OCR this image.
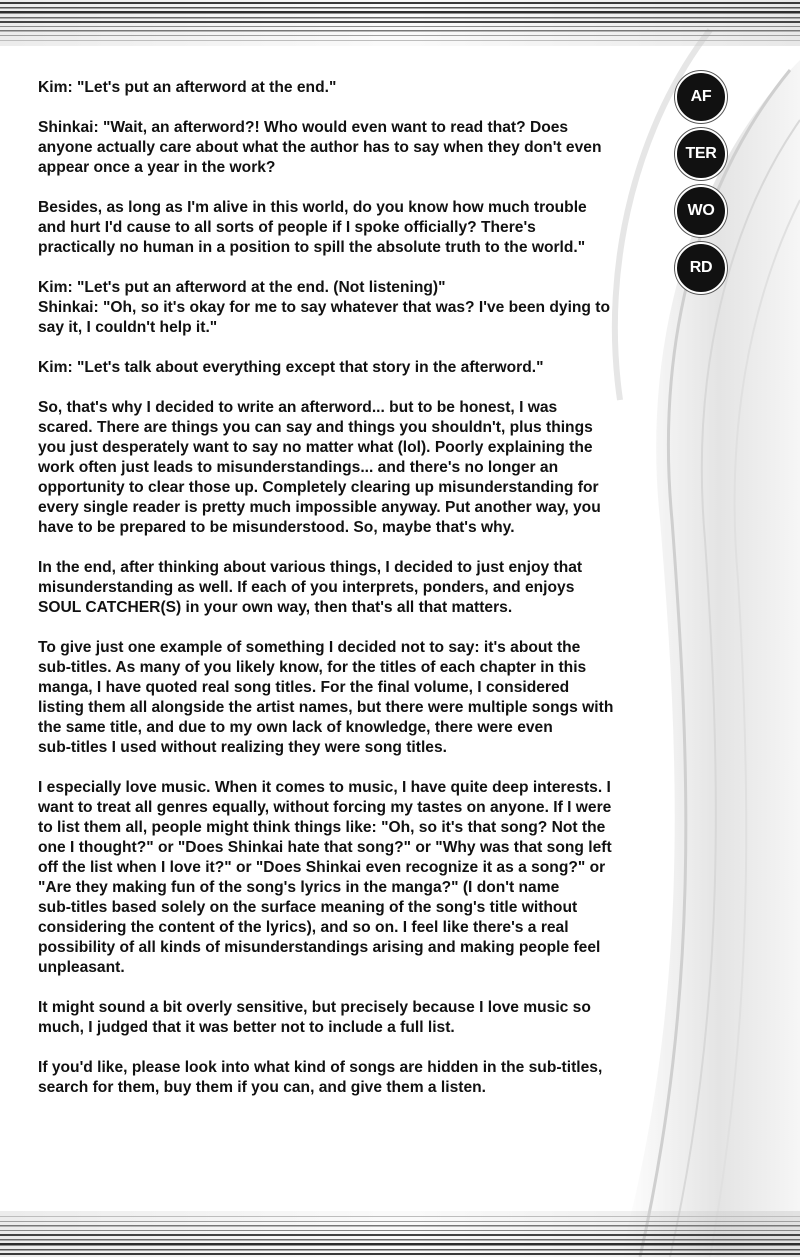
AF
TER
WO
RD

Kim: "Let's put an afterword at the end."

Shinkai: "Wait, an afterword?! Who would even want to read that? Does
anyone actually care about what the author has to say when they don't even
appear once a year in the work?

Besides, as long as I'm alive in this world, do you know how much trouble
and hurt I'd cause to all sorts of people if I spoke officially? There's
practically no human in a position to spill the absolute truth to the world."

Kim: "Let's put an afterword at the end. (Not listening)"

Shinkai: "Oh, so it's okay for me to say whatever that was? I've been dying to
say it, I couldn't help it."

Kim: "Let's talk about everything except that story in the afterword."

So, that's why I decided to write an afterword... but to be honest, I was
scared. There are things you can say and things you shouldn't, plus things
you just desperately want to say no matter what (lol). Poorly explaining the
work often just leads to misunderstandings... and there's no longer an
opportunity to clear those up. Completely clearing up misunderstanding for
every single reader is pretty much impossible anyway. Put another way, you
have to be prepared to be misunderstood. So, maybe that's why.

In the end, after thinking about various things, I decided to just enjoy that
misunderstanding as well. If each of you interprets, ponders, and enjoys
SOUL CATCHER(S) in your own way, then that's all that matters.

To give just one example of something I decided not to say: it's about the
sub-titles. As many of you likely know, for the titles of each chapter in this
manga, I have quoted real song titles. For the final volume, I considered
listing them all alongside the artist names, but there were multiple songs with
the same title, and due to my own lack of knowledge, there were even
sub-titles I used without realizing they were song titles.

I especially love music. When it comes to music, I have quite deep interests. I
want to treat all genres equally, without forcing my tastes on anyone. If I were
to list them all, people might think things like: "Oh, so it's that song? Not the
one I thought?" or "Does Shinkai hate that song?" or "Why was that song left
off the list when I love it?" or "Does Shinkai even recognize it as a song?" or
"Are they making fun of the song's lyrics in the manga?" (I don't name
sub-titles based solely on the surface meaning of the song's title without
considering the content of the lyrics), and so on. I feel like there's a real
possibility of all kinds of misunderstandings arising and making people feel
unpleasant.

It might sound a bit overly sensitive, but precisely because I love music so
much, I judged that it was better not to include a full list.

If you'd like, please look into what kind of songs are hidden in the sub-titles,
search for them, buy them if you can, and give them a listen.
